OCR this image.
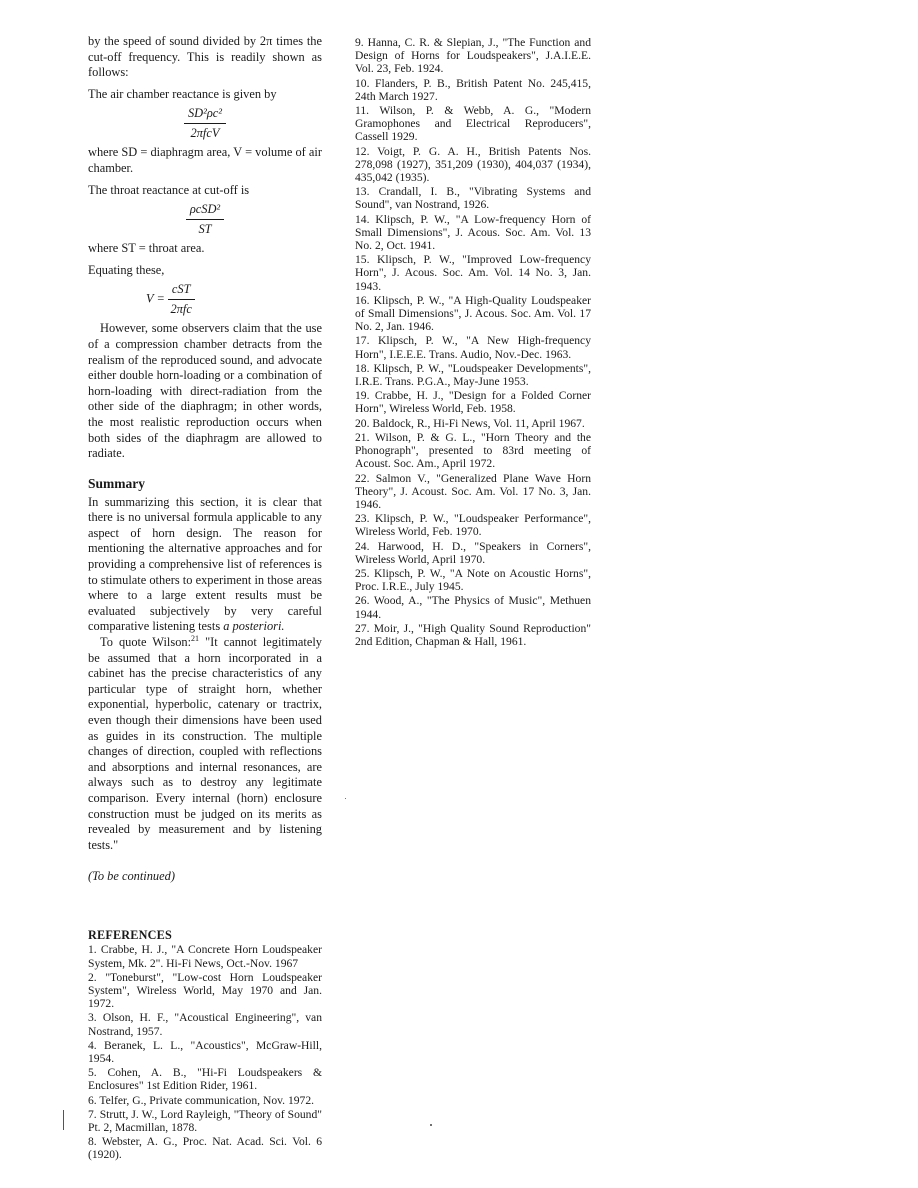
by the speed of sound divided by 2π times the cut-off frequency. This is readily shown as follows:

The air chamber reactance is given by

$\frac{\text{SD²ρc²}}{\text{2πfcV}}$

where SD = diaphragm area, V = volume of air chamber.

The throat reactance at cut-off is

$\frac{\text{ρcSD²}}{ST}$

where ST = throat area.

Equating these,

$V = \frac{\text{cST}}{\text{2πfc}}$

However, some observers claim that the use of a compression chamber detracts from the realism of the reproduced sound, and advocate either double horn-loading or a combination of horn-loading with direct-radiation from the other side of the diaphragm; in other words, the most realistic reproduction occurs when both sides of the diaphragm are allowed to radiate.

Summary

In summarizing this section, it is clear that there is no universal formula applicable to any aspect of horn design. The reason for mentioning the alternative approaches and for providing a comprehensive list of references is to stimulate others to experiment in those areas where to a large extent results must be evaluated subjectively by very careful comparative listening tests a posteriori.

To quote Wilson:$^{21}$ "It cannot legitimately be assumed that a horn incorporated in a cabinet has the precise characteristics of any particular type of straight horn, whether exponential, hyperbolic, catenary or tractrix, even though their dimensions have been used as guides in its construction. The multiple changes of direction, coupled with reflections and absorptions and internal resonances, are always such as to destroy any legitimate comparison. Every internal (horn) enclosure construction must be judged on its merits as revealed by measurement and by listening tests."

(To be continued)
REFERENCES

1. Crabbe, H. J., "A Concrete Horn Loudspeaker System, Mk. 2". Hi-Fi News, Oct.-Nov. 1967

2. "Toneburst", "Low-cost Horn Loudspeaker System", Wireless World, May 1970 and Jan. 1972.

3. Olson, H. F., "Acoustical Engineering", van Nostrand, 1957.

4. Beranek, L. L., "Acoustics", McGraw-Hill, 1954.

5. Cohen, A. B., "Hi-Fi Loudspeakers & Enclosures" 1st Edition Rider, 1961.

6. Telfer, G., Private communication, Nov. 1972.

7. Strutt, J. W., Lord Rayleigh, "Theory of Sound" Pt. 2, Macmillan, 1878.

8. Webster, A. G., Proc. Nat. Acad. Sci. Vol. 6 (1920).

9. Hanna, C. R. & Slepian, J., "The Function and Design of Horns for Loudspeakers", J.A.I.E.E. Vol. 23, Feb. 1924.

10. Flanders, P. B., British Patent No. 245,415, 24th March 1927.

11. Wilson, P. & Webb, A. G., "Modern Gramophones and Electrical Reproducers", Cassell 1929.

12. Voigt, P. G. A. H., British Patents Nos. 278,098 (1927), 351,209 (1930), 404,037 (1934), 435,042 (1935).

13. Crandall, I. B., "Vibrating Systems and Sound", van Nostrand, 1926.

14. Klipsch, P. W., "A Low-frequency Horn of Small Dimensions", J. Acous. Soc. Am. Vol. 13 No. 2, Oct. 1941.

15. Klipsch, P. W., "Improved Low-frequency Horn", J. Acous. Soc. Am. Vol. 14 No. 3, Jan. 1943.

16. Klipsch, P. W., "A High-Quality Loudspeaker of Small Dimensions", J. Acous. Soc. Am. Vol. 17 No. 2, Jan. 1946.

17. Klipsch, P. W., "A New High-frequency Horn", I.E.E.E. Trans. Audio, Nov.-Dec. 1963.

18. Klipsch, P. W., "Loudspeaker Developments", I.R.E. Trans. P.G.A., May-June 1953.

19. Crabbe, H. J., "Design for a Folded Corner Horn", Wireless World, Feb. 1958.

20. Baldock, R., Hi-Fi News, Vol. 11, April 1967.

21. Wilson, P. & G. L., "Horn Theory and the Phonograph", presented to 83rd meeting of Acoust. Soc. Am., April 1972.

22. Salmon V., "Generalized Plane Wave Horn Theory", J. Acoust. Soc. Am. Vol. 17 No. 3, Jan. 1946.

23. Klipsch, P. W., "Loudspeaker Performance", Wireless World, Feb. 1970.

24. Harwood, H. D., "Speakers in Corners", Wireless World, April 1970.

25. Klipsch, P. W., "A Note on Acoustic Horns", Proc. I.R.E., July 1945.

26. Wood, A., "The Physics of Music", Methuen 1944.

27. Moir, J., "High Quality Sound Reproduction" 2nd Edition, Chapman & Hall, 1961.
